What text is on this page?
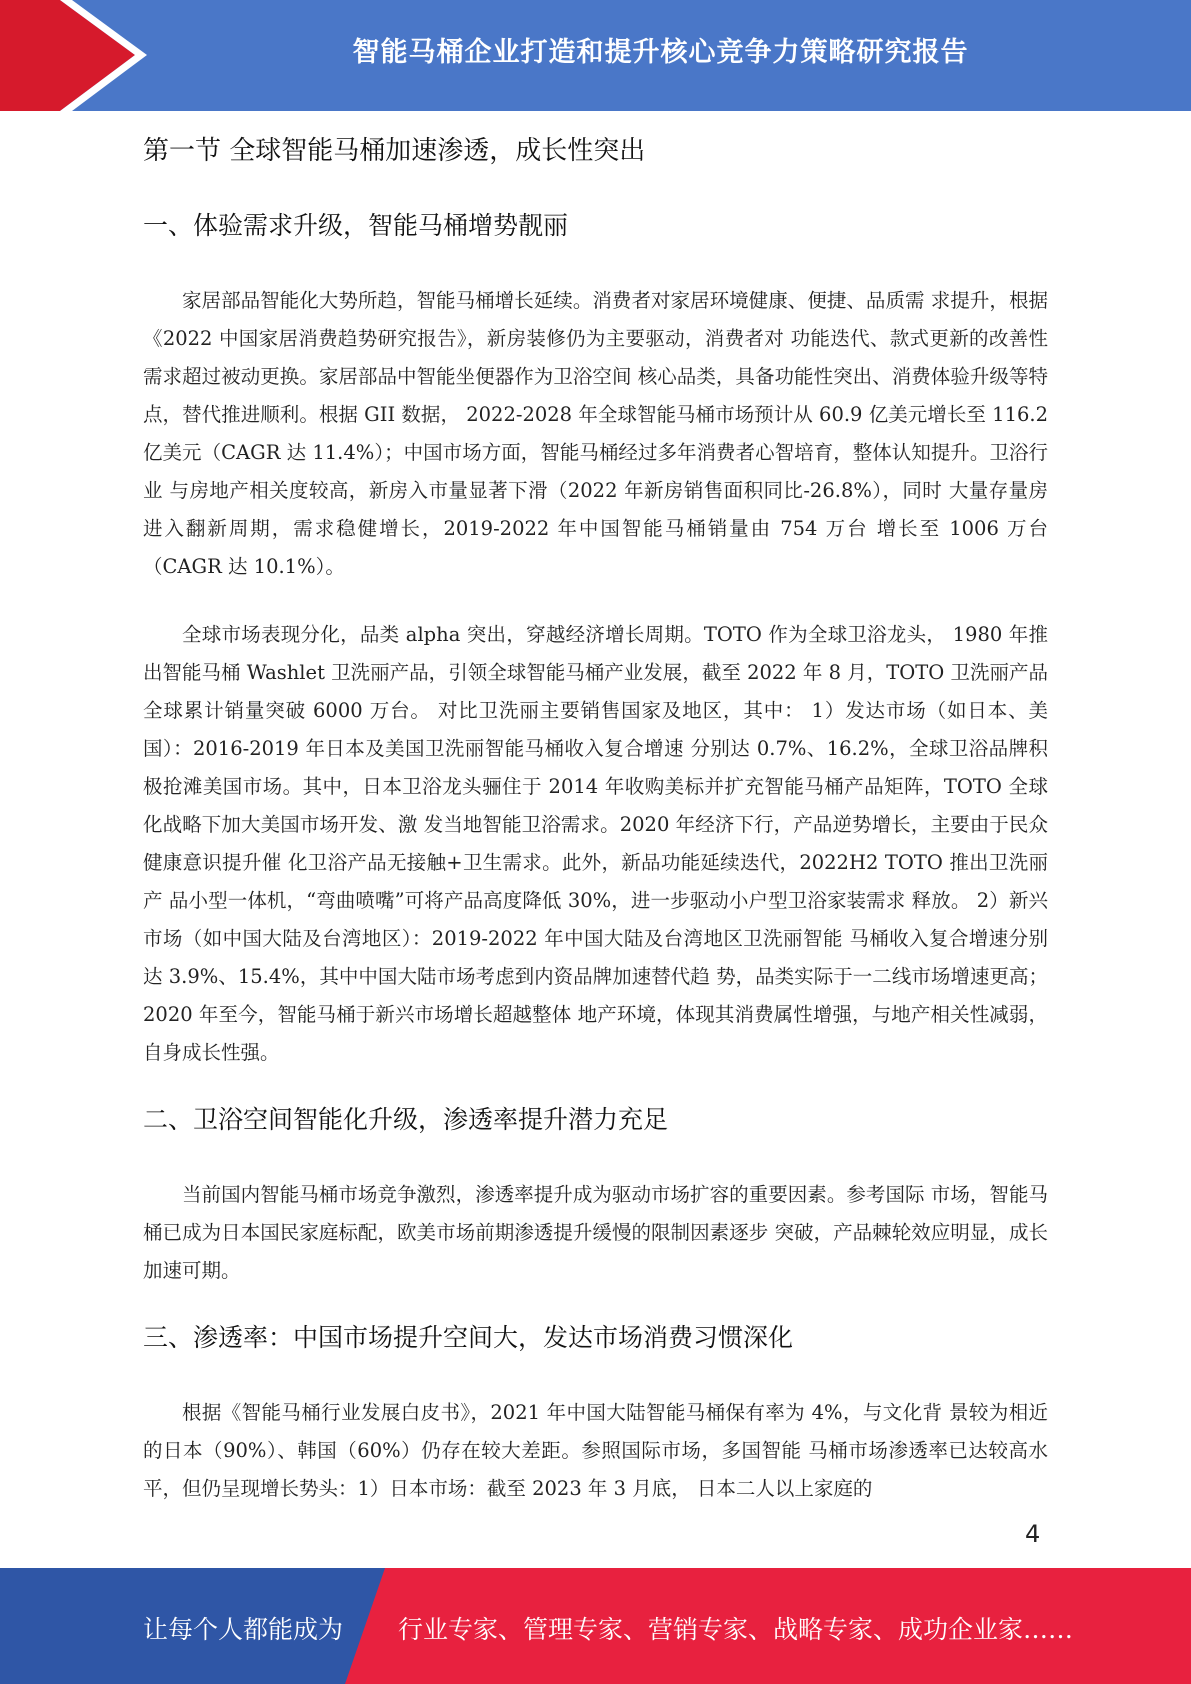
智能马桶企业打造和提升核心竞争力策略研究报告
第一节 全球智能马桶加速渗透，成长性突出
一、体验需求升级，智能马桶增势靓丽

家居部品智能化大势所趋，智能马桶增长延续。消费者对家居环境健康、便捷、品质需 求提升，根据《2022 中国家居消费趋势研究报告》，新房装修仍为主要驱动，消费者对 功能迭代、款式更新的改善性需求超过被动更换。家居部品中智能坐便器作为卫浴空间 核心品类，具备功能性突出、消费体验升级等特点，替代推进顺利。根据 GII 数据， 2022-2028 年全球智能马桶市场预计从 60.9 亿美元增长至 116.2 亿美元（CAGR 达 11.4%）；中国市场方面，智能马桶经过多年消费者心智培育，整体认知提升。卫浴行业 与房地产相关度较高，新房入市量显著下滑（2022 年新房销售面积同比-26.8%），同时 大量存量房进入翻新周期，需求稳健增长，2019-2022 年中国智能马桶销量由 754 万台 增长至 1006 万台（CAGR 达 10.1%）。

全球市场表现分化，品类 alpha 突出，穿越经济增长周期。TOTO 作为全球卫浴龙头， 1980 年推出智能马桶 Washlet 卫洗丽产品，引领全球智能马桶产业发展，截至 2022 年 8 月，TOTO 卫洗丽产品全球累计销量突破 6000 万台。 对比卫洗丽主要销售国家及地区，其中： 1）发达市场（如日本、美国）：2016-2019 年日本及美国卫洗丽智能马桶收入复合增速 分别达 0.7%、16.2%，全球卫浴品牌积极抢滩美国市场。其中，日本卫浴龙头骊住于 2014 年收购美标并扩充智能马桶产品矩阵，TOTO 全球化战略下加大美国市场开发、激 发当地智能卫浴需求。2020 年经济下行，产品逆势增长，主要由于民众健康意识提升催 化卫浴产品无接触+卫生需求。此外，新品功能延续迭代，2022H2 TOTO 推出卫洗丽产 品小型一体机，“弯曲喷嘴”可将产品高度降低 30%，进一步驱动小户型卫浴家装需求 释放。 2）新兴市场（如中国大陆及台湾地区）：2019-2022 年中国大陆及台湾地区卫洗丽智能 马桶收入复合增速分别达 3.9%、15.4%，其中中国大陆市场考虑到内资品牌加速替代趋 势，品类实际于一二线市场增速更高；2020 年至今，智能马桶于新兴市场增长超越整体 地产环境，体现其消费属性增强，与地产相关性减弱，自身成长性强。

二、卫浴空间智能化升级，渗透率提升潜力充足

当前国内智能马桶市场竞争激烈，渗透率提升成为驱动市场扩容的重要因素。参考国际 市场，智能马桶已成为日本国民家庭标配，欧美市场前期渗透提升缓慢的限制因素逐步 突破，产品棘轮效应明显，成长加速可期。

三、渗透率：中国市场提升空间大，发达市场消费习惯深化

根据《智能马桶行业发展白皮书》，2021 年中国大陆智能马桶保有率为 4%，与文化背 景较为相近的日本（90%）、韩国（60%）仍存在较大差距。参照国际市场，多国智能 马桶市场渗透率已达较高水平，但仍呈现增长势头：1）日本市场：截至 2023 年 3 月底， 日本二人以上家庭的

4
让每个人都能成为 行业专家、管理专家、营销专家、战略专家、成功企业家……
